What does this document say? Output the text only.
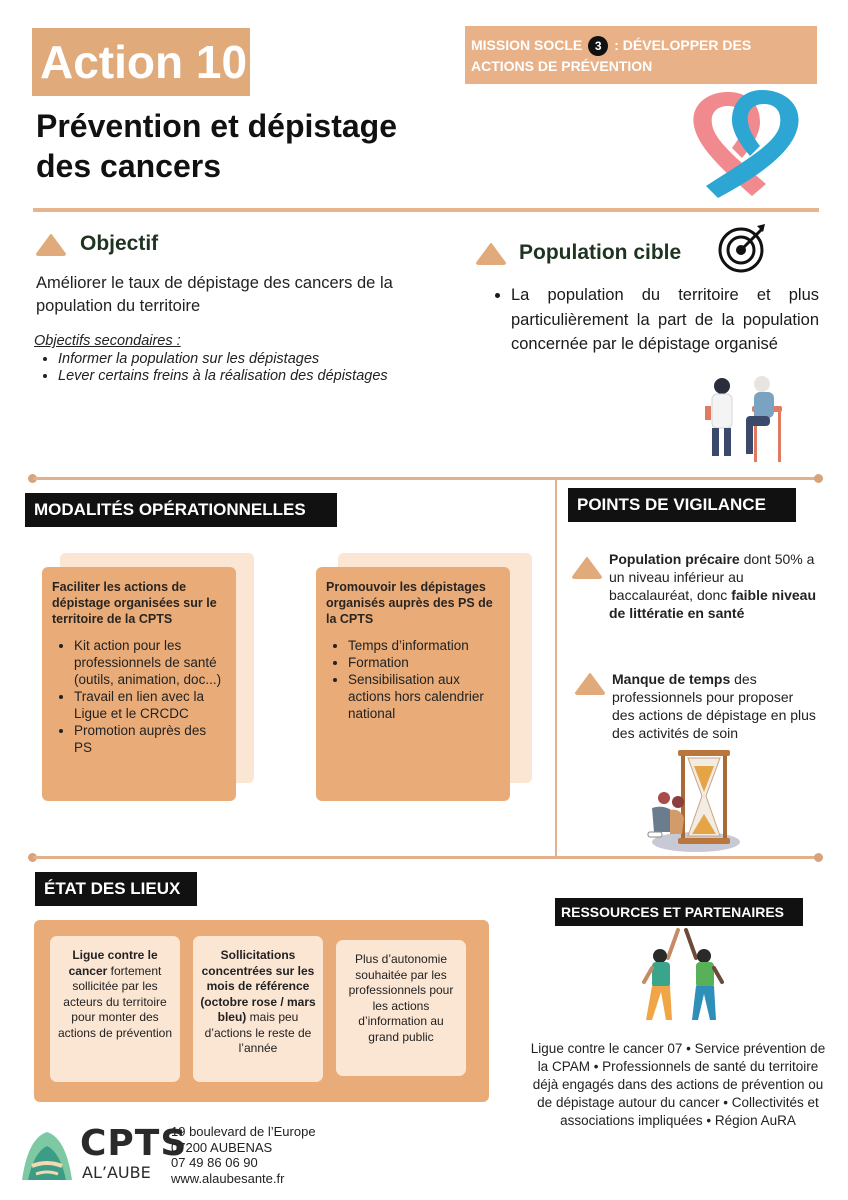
Action 10	MISSION SOCLE 3 : DÉVELOPPER DES
ACTIONS DE PRÉVENTION
Prévention et dépistage
des cancers
Objectif
Améliorer le taux de dépistage des cancers de la population du territoire
Objectifs secondaires :
• Informer la population sur les dépistages
• Lever certains freins à la réalisation des dépistages
Population cible
• La population du territoire et plus particulièrement la part de la population concernée par le dépistage organisé
MODALITÉS OPÉRATIONNELLES
Faciliter les actions de dépistage organisées sur le territoire de la CPTS
• Kit action pour les professionnels de santé (outils, animation, doc...)
• Travail en lien avec la Ligue et le CRCDC
• Promotion auprès des PS
Promouvoir les dépistages organisés auprès des PS de la CPTS
• Temps d’information
• Formation
• Sensibilisation aux actions hors calendrier national
POINTS DE VIGILANCE
Population précaire dont 50% a un niveau inférieur au baccalauréat, donc faible niveau de littératie en santé
Manque de temps des professionnels pour proposer des actions de dépistage en plus des activités de soin
ÉTAT DES LIEUX
Ligue contre le cancer fortement sollicitée par les acteurs du territoire pour monter des actions de prévention
Sollicitations concentrées sur les mois de référence (octobre rose / mars bleu) mais peu d’actions le reste de l’année
Plus d’autonomie souhaitée par les professionnels pour les actions d’information au grand public
RESSOURCES ET PARTENAIRES
Ligue contre le cancer 07 • Service prévention de la CPAM • Professionnels de santé du territoire déjà engagés dans des actions de prévention ou de dépistage autour du cancer • Collectivités et associations impliquées • Région AuRA
CPTS
AL’AUBE
19 boulevard de l’Europe
07200 AUBENAS
07 49 86 06 90
www.alaubesante.fr
